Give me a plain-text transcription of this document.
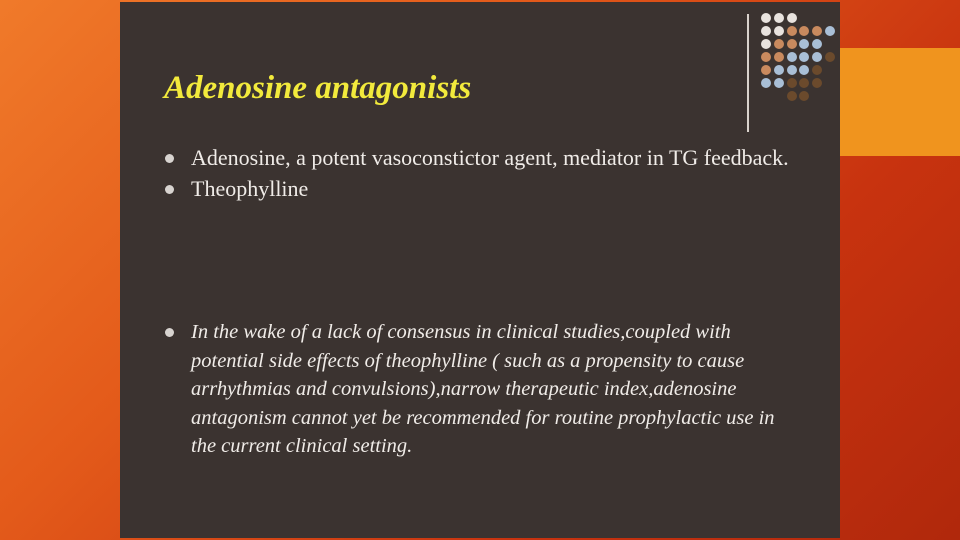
Adenosine antagonists
Adenosine, a potent vasoconstictor agent, mediator in TG feedback.
Theophylline
In the wake of a lack of consensus in clinical studies,coupled with potential side effects of theophylline ( such as a propensity to cause arrhythmias and convulsions),narrow therapeutic index,adenosine antagonism cannot yet be recommended for routine prophylactic use in the current clinical setting.
